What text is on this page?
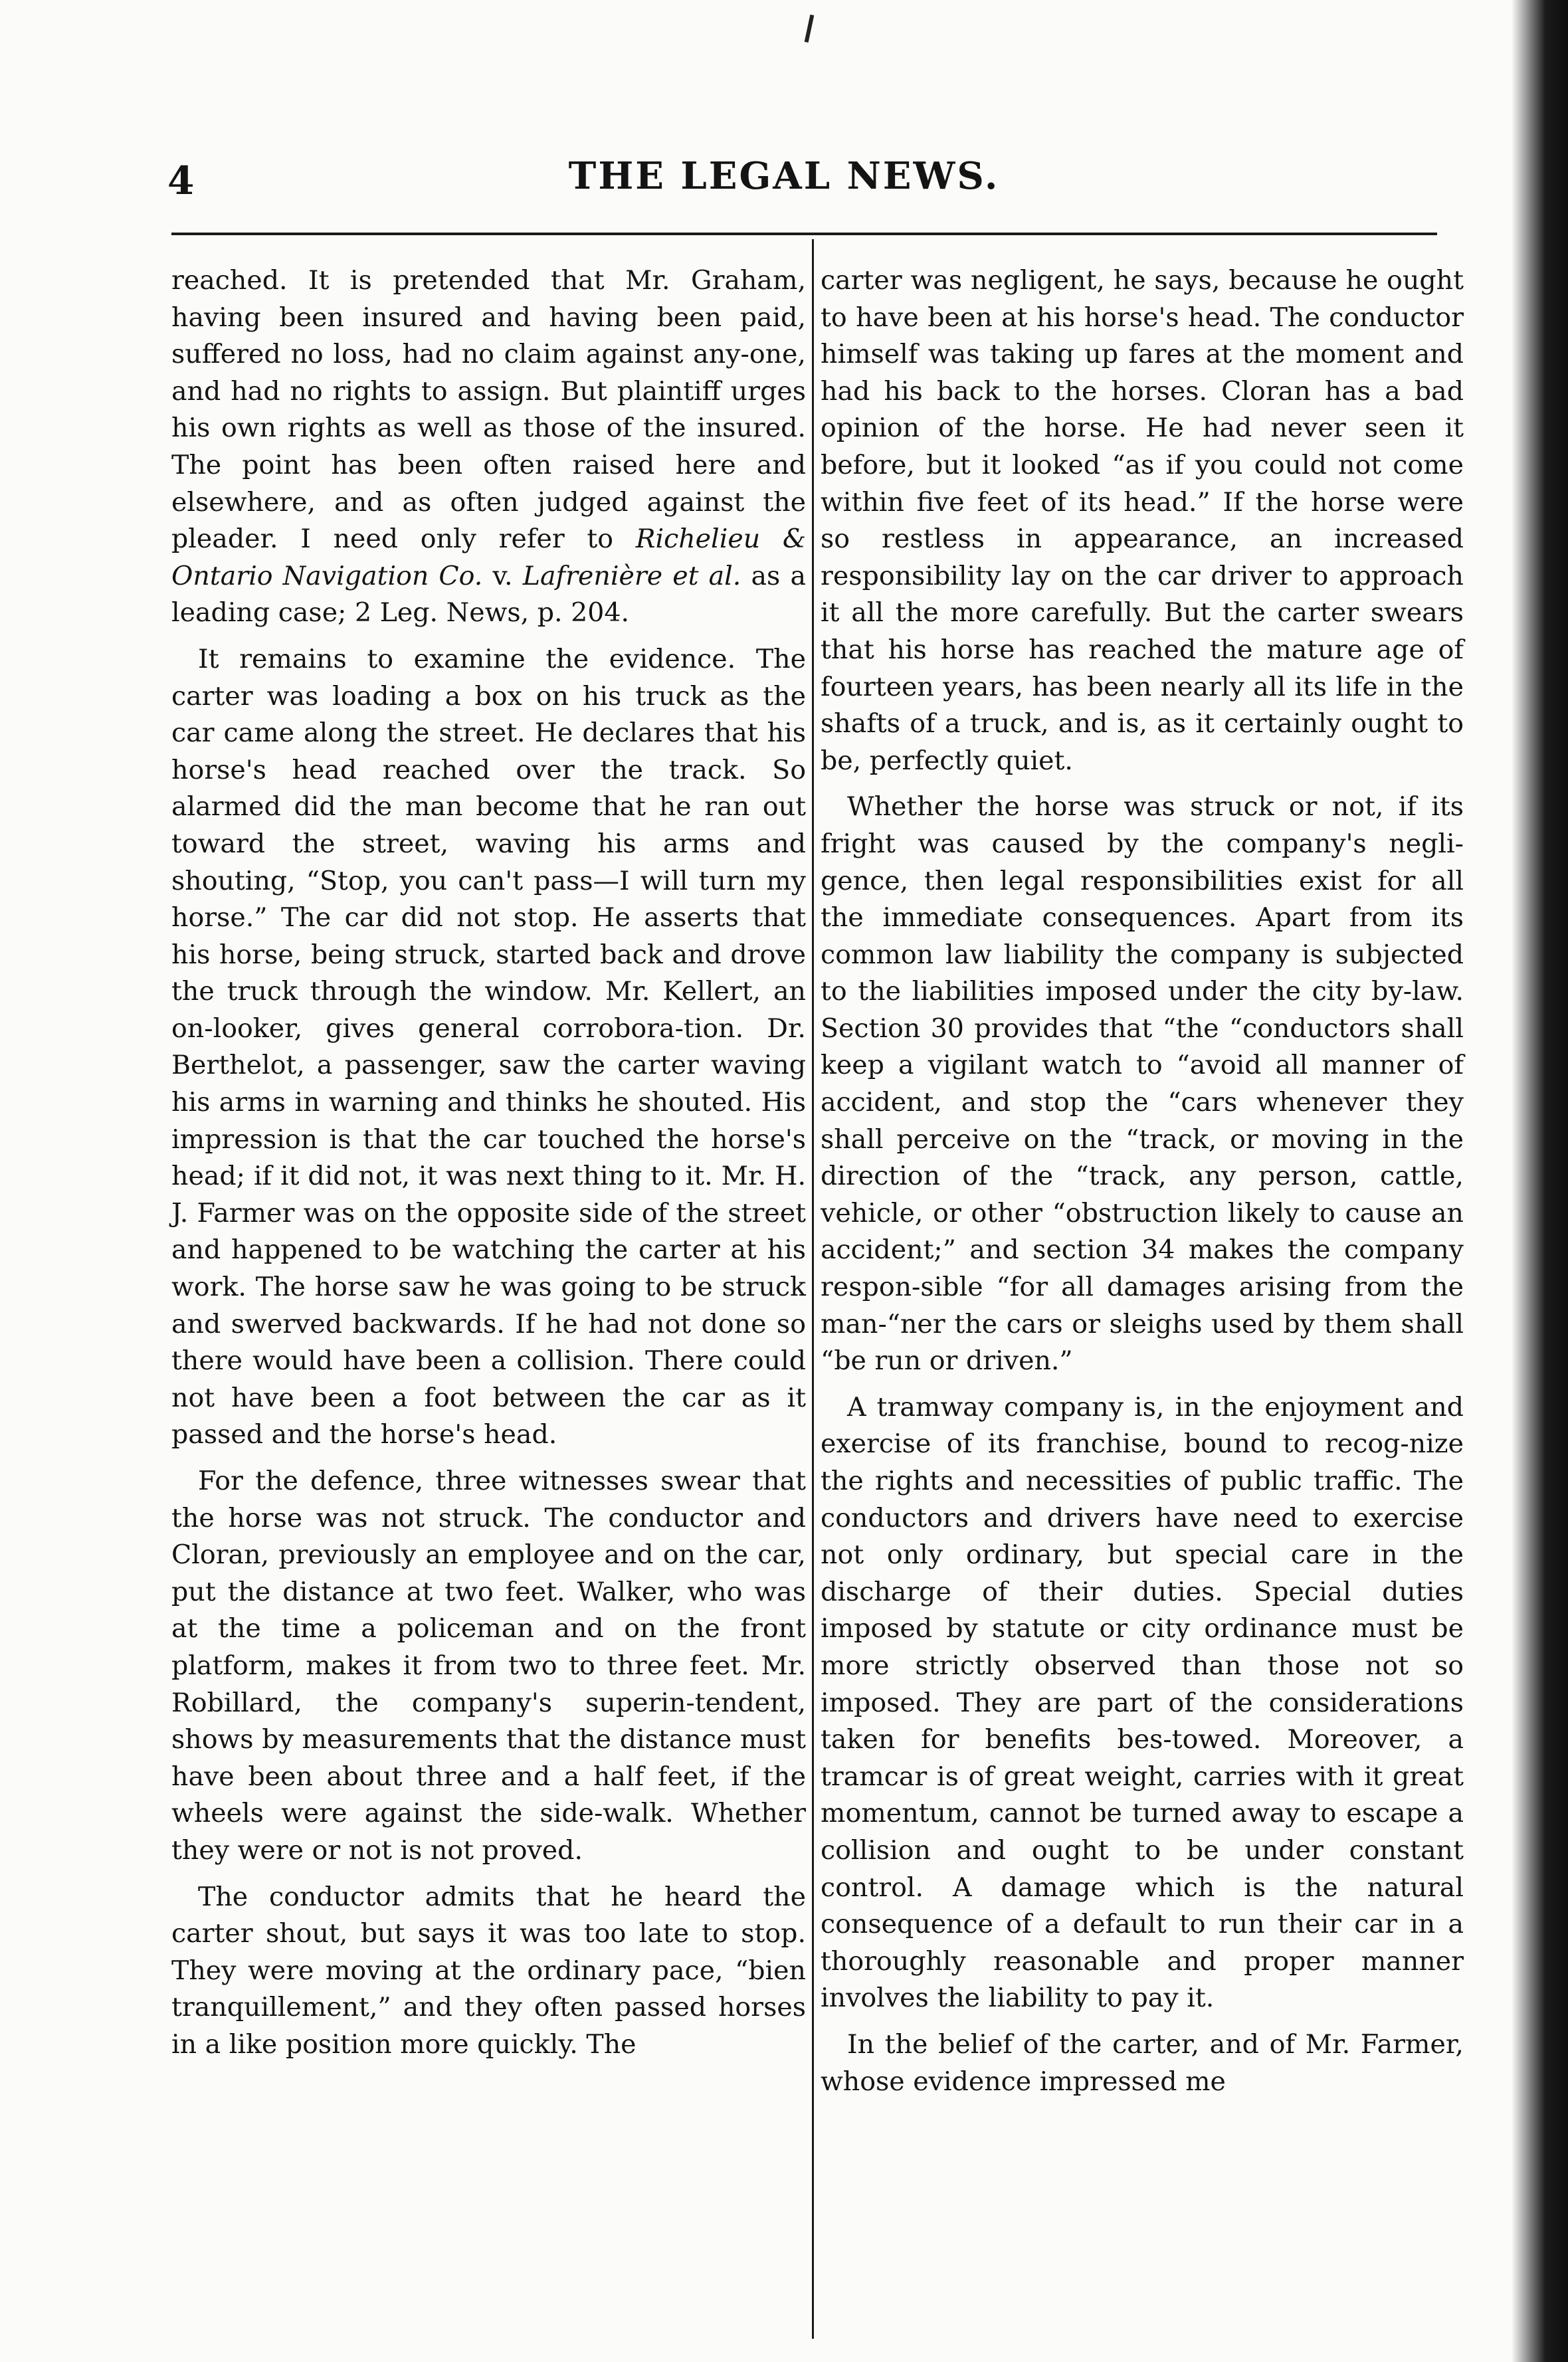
4	THE LEGAL NEWS.

reached. It is pretended that Mr. Graham, having been insured and having been paid, suffered no loss, had no claim against any-one, and had no rights to assign. But plaintiff urges his own rights as well as those of the insured. The point has been often raised here and elsewhere, and as often judged against the pleader. I need only refer to Richelieu & Ontario Navigation Co. v. Lafrenière et al. as a leading case; 2 Leg. News, p. 204.

It remains to examine the evidence. The carter was loading a box on his truck as the car came along the street. He declares that his horse's head reached over the track. So alarmed did the man become that he ran out toward the street, waving his arms and shouting, “Stop, you can't pass—I will turn my horse.” The car did not stop. He asserts that his horse, being struck, started back and drove the truck through the window. Mr. Kellert, an on-looker, gives general corrobora-tion. Dr. Berthelot, a passenger, saw the carter waving his arms in warning and thinks he shouted. His impression is that the car touched the horse's head; if it did not, it was next thing to it. Mr. H. J. Farmer was on the opposite side of the street and happened to be watching the carter at his work. The horse saw he was going to be struck and swerved backwards. If he had not done so there would have been a collision. There could not have been a foot between the car as it passed and the horse's head.

For the defence, three witnesses swear that the horse was not struck. The conductor and Cloran, previously an employee and on the car, put the distance at two feet. Walker, who was at the time a policeman and on the front platform, makes it from two to three feet. Mr. Robillard, the company's superin-tendent, shows by measurements that the distance must have been about three and a half feet, if the wheels were against the side-walk. Whether they were or not is not proved.

The conductor admits that he heard the carter shout, but says it was too late to stop. They were moving at the ordinary pace, “bien tranquillement,” and they often passed horses in a like position more quickly. The

carter was negligent, he says, because he ought to have been at his horse's head. The conductor himself was taking up fares at the moment and had his back to the horses. Cloran has a bad opinion of the horse. He had never seen it before, but it looked “as if you could not come within five feet of its head.” If the horse were so restless in appearance, an increased responsibility lay on the car driver to approach it all the more carefully. But the carter swears that his horse has reached the mature age of fourteen years, has been nearly all its life in the shafts of a truck, and is, as it certainly ought to be, perfectly quiet.

Whether the horse was struck or not, if its fright was caused by the company's negli-gence, then legal responsibilities exist for all the immediate consequences. Apart from its common law liability the company is subjected to the liabilities imposed under the city by-law. Section 30 provides that “the “conductors shall keep a vigilant watch to “avoid all manner of accident, and stop the “cars whenever they shall perceive on the “track, or moving in the direction of the “track, any person, cattle, vehicle, or other “obstruction likely to cause an accident;” and section 34 makes the company respon-sible “for all damages arising from the man-“ner the cars or sleighs used by them shall “be run or driven.”

A tramway company is, in the enjoyment and exercise of its franchise, bound to recog-nize the rights and necessities of public traffic. The conductors and drivers have need to exercise not only ordinary, but special care in the discharge of their duties. Special duties imposed by statute or city ordinance must be more strictly observed than those not so imposed. They are part of the considerations taken for benefits bes-towed. Moreover, a tramcar is of great weight, carries with it great momentum, cannot be turned away to escape a collision and ought to be under constant control. A damage which is the natural consequence of a default to run their car in a thoroughly reasonable and proper manner involves the liability to pay it.

In the belief of the carter, and of Mr. Farmer, whose evidence impressed me
